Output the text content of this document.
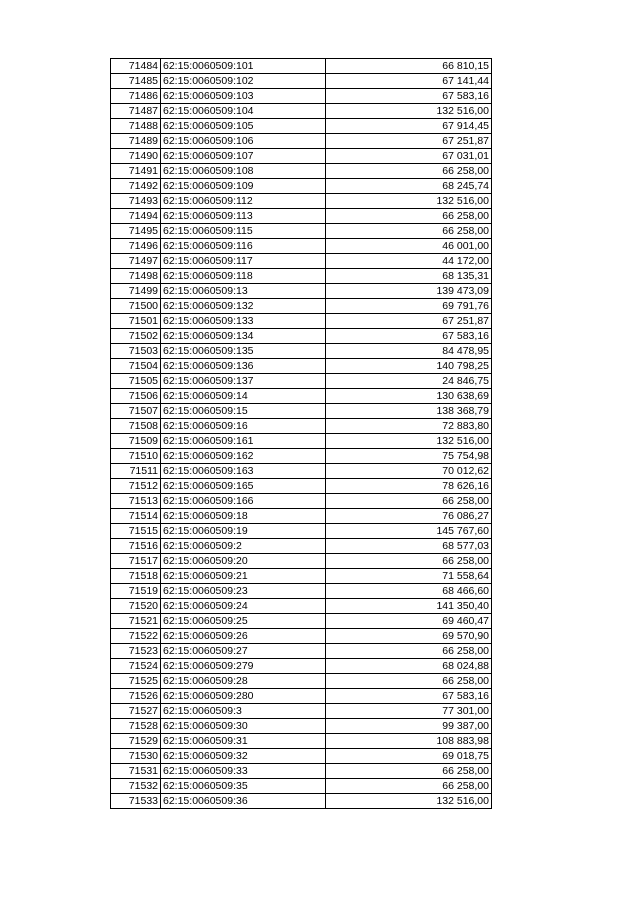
71484	62:15:0060509:101	66 810,15
71485	62:15:0060509:102	67 141,44
71486	62:15:0060509:103	67 583,16
71487	62:15:0060509:104	132 516,00
71488	62:15:0060509:105	67 914,45
71489	62:15:0060509:106	67 251,87
71490	62:15:0060509:107	67 031,01
71491	62:15:0060509:108	66 258,00
71492	62:15:0060509:109	68 245,74
71493	62:15:0060509:112	132 516,00
71494	62:15:0060509:113	66 258,00
71495	62:15:0060509:115	66 258,00
71496	62:15:0060509:116	46 001,00
71497	62:15:0060509:117	44 172,00
71498	62:15:0060509:118	68 135,31
71499	62:15:0060509:13	139 473,09
71500	62:15:0060509:132	69 791,76
71501	62:15:0060509:133	67 251,87
71502	62:15:0060509:134	67 583,16
71503	62:15:0060509:135	84 478,95
71504	62:15:0060509:136	140 798,25
71505	62:15:0060509:137	24 846,75
71506	62:15:0060509:14	130 638,69
71507	62:15:0060509:15	138 368,79
71508	62:15:0060509:16	72 883,80
71509	62:15:0060509:161	132 516,00
71510	62:15:0060509:162	75 754,98
71511	62:15:0060509:163	70 012,62
71512	62:15:0060509:165	78 626,16
71513	62:15:0060509:166	66 258,00
71514	62:15:0060509:18	76 086,27
71515	62:15:0060509:19	145 767,60
71516	62:15:0060509:2	68 577,03
71517	62:15:0060509:20	66 258,00
71518	62:15:0060509:21	71 558,64
71519	62:15:0060509:23	68 466,60
71520	62:15:0060509:24	141 350,40
71521	62:15:0060509:25	69 460,47
71522	62:15:0060509:26	69 570,90
71523	62:15:0060509:27	66 258,00
71524	62:15:0060509:279	68 024,88
71525	62:15:0060509:28	66 258,00
71526	62:15:0060509:280	67 583,16
71527	62:15:0060509:3	77 301,00
71528	62:15:0060509:30	99 387,00
71529	62:15:0060509:31	108 883,98
71530	62:15:0060509:32	69 018,75
71531	62:15:0060509:33	66 258,00
71532	62:15:0060509:35	66 258,00
71533	62:15:0060509:36	132 516,00
